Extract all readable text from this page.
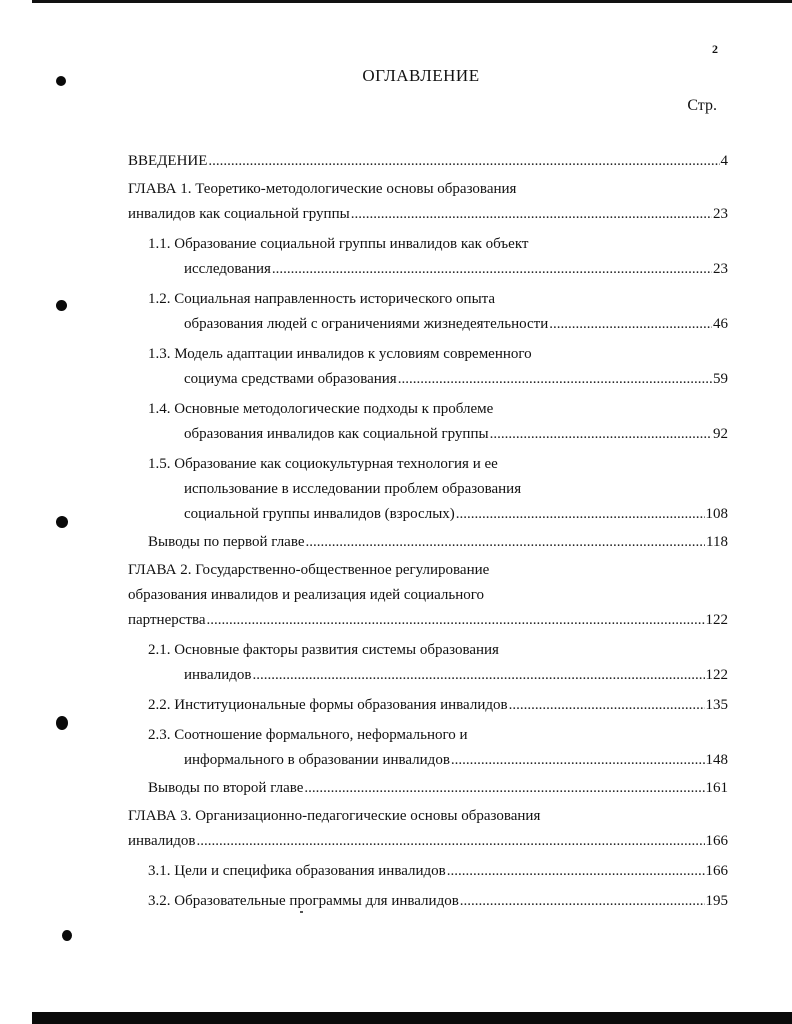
2
ОГЛАВЛЕНИЕ
Стр.
ВВЕДЕНИЕ .....	4
ГЛАВА 1. Теоретико-методологические основы образования
инвалидов как социальной группы .....	23
1.1. Образование социальной группы инвалидов как объект
исследования .....	23
1.2. Социальная направленность исторического опыта
образования людей с ограничениями жизнедеятельности .....	46
1.3. Модель адаптации инвалидов к условиям современного
социума средствами образования .....	59
1.4. Основные методологические подходы к проблеме
образования инвалидов как социальной группы .....	92
1.5. Образование как социокультурная технология и ее
использование в исследовании проблем образования
социальной группы инвалидов (взрослых) .....	108
Выводы по первой главе .....	118
ГЛАВА 2. Государственно-общественное регулирование
образования инвалидов и реализация идей социального
партнерства .....	122
2.1. Основные факторы развития системы образования
инвалидов .....	122
2.2. Институциональные формы образования инвалидов .....	135
2.3. Соотношение формального, неформального и
информального в образовании инвалидов .....	148
Выводы по второй главе .....	161
ГЛАВА 3. Организационно-педагогические основы образования
инвалидов .....	166
3.1. Цели и специфика образования инвалидов .....	166
3.2. Образовательные программы для инвалидов .....	195
